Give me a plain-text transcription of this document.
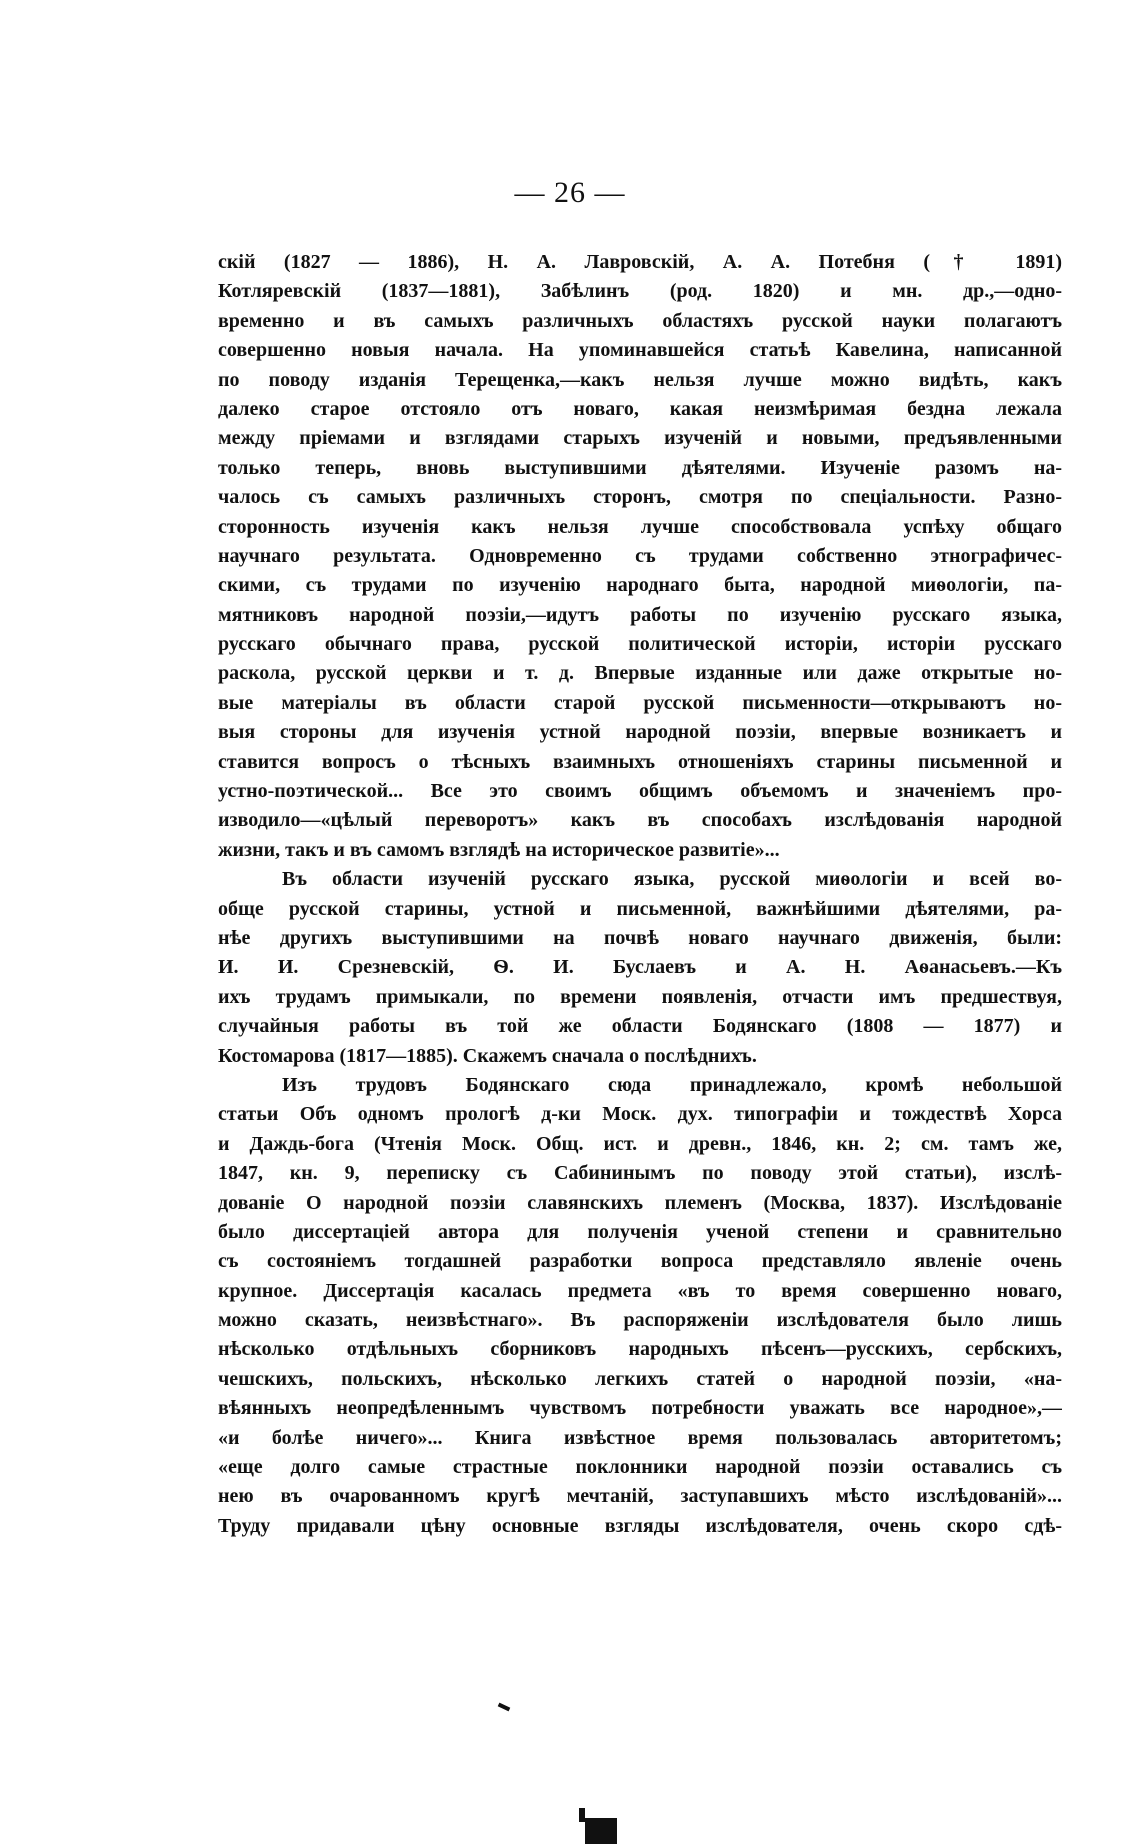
— 26 —
скій (1827 — 1886), Н. А. Лавровскій, А. А. Потебня († 1891)
Котляревскій (1837—1881), Забѣлинъ (род. 1820) и мн. др.,—одно-
временно и въ самыхъ различныхъ областяхъ русской науки полагаютъ
совершенно новыя начала. На упоминавшейся статьѣ Кавелина, написанной
по поводу изданія Терещенка,—какъ нельзя лучше можно видѣть, какъ
далеко старое отстояло отъ новаго, какая неизмѣримая бездна лежала
между пріемами и взглядами старыхъ изученій и новыми, предъявленными
только теперь, вновь выступившими дѣятелями. Изученіе разомъ на-
чалось съ самыхъ различныхъ сторонъ, смотря по спеціальности. Разно-
сторонность изученія какъ нельзя лучше способствовала успѣху общаго
научнаго результата. Одновременно съ трудами собственно этнографичес-
скими, съ трудами по изученію народнаго быта, народной миѳологіи, па-
мятниковъ народной поэзіи,—идутъ работы по изученію русскаго языка,
русскаго обычнаго права, русской политической исторіи, исторіи русскаго
раскола, русской церкви и т. д. Впервые изданные или даже открытые но-
вые матеріалы въ области старой русской письменности—открываютъ но-
выя стороны для изученія устной народной поэзіи, впервые возникаетъ и
ставится вопросъ о тѣсныхъ взаимныхъ отношеніяхъ старины письменной и
устно-поэтической... Все это своимъ общимъ объемомъ и значеніемъ про-
изводило—«цѣлый переворотъ» какъ въ способахъ изслѣдованія народной
жизни, такъ и въ самомъ взглядѣ на историческое развитіе»...
Въ области изученій русскаго языка, русской миѳологіи и всей во-
обще русской старины, устной и письменной, важнѣйшими дѣятелями, ра-
нѣе другихъ выступившими на почвѣ новаго научнаго движенія, были:
И. И. Срезневскій, Ѳ. И. Буслаевъ и А. Н. Аѳанасьевъ.—Къ
ихъ трудамъ примыкали, по времени появленія, отчасти имъ предшествуя,
случайныя работы въ той же области Бодянскаго (1808 — 1877) и
Костомарова (1817—1885). Скажемъ сначала о послѣднихъ.
Изъ трудовъ Бодянскаго сюда принадлежало, кромѣ небольшой
статьи Объ одномъ прологѣ д-ки Моск. дух. типографіи и тождествѣ Хорса
и Даждь-бога (Чтенія Моск. Общ. ист. и древн., 1846, кн. 2; см. тамъ же,
1847, кн. 9, переписку съ Сабининымъ по поводу этой статьи), изслѣ-
дованіе О народной поэзіи славянскихъ племенъ (Москва, 1837). Изслѣдованіе
было диссертаціей автора для полученія ученой степени и сравнительно
съ состояніемъ тогдашней разработки вопроса представляло явленіе очень
крупное. Диссертація касалась предмета «въ то время совершенно новаго,
можно сказать, неизвѣстнаго». Въ распоряженіи изслѣдователя было лишь
нѣсколько отдѣльныхъ сборниковъ народныхъ пѣсенъ—русскихъ, сербскихъ,
чешскихъ, польскихъ, нѣсколько легкихъ статей о народной поэзіи, «на-
вѣянныхъ неопредѣленнымъ чувствомъ потребности уважать все народное»,—
«и болѣе ничего»... Книга извѣстное время пользовалась авторитетомъ;
«еще долго самые страстные поклонники народной поэзіи оставались съ
нею въ очарованномъ кругѣ мечтаній, заступавшихъ мѣсто изслѣдованій»...
Труду придавали цѣну основные взгляды изслѣдователя, очень скоро сдѣ-
